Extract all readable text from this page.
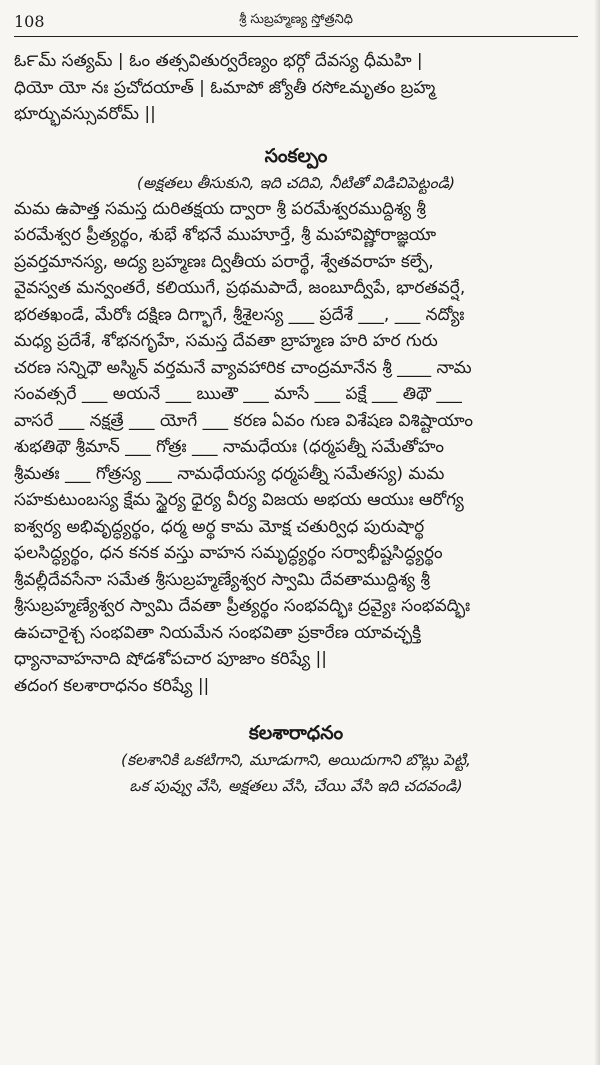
108	శ్రీ సుబ్రహ్మణ్య స్తోత్రనిధి
ఓ౯మ్ సత్యమ్ | ఓం తత్సవితుర్వరేణ్యం భర్గో దేవస్య ధీమహి |
ధియో యో నః ప్రచోదయాత్ | ఓమాపో జ్యోతీ రసోఽమృతం బ్రహ్మ
భూర్భువస్సువరోమ్ ||
సంకల్పం
(అక్షతలు తీసుకుని, ఇది చదివి, నీటితో విడిచిపెట్టండి)
మమ ఉపాత్త సమస్త దురితక్షయ ద్వారా శ్రీ పరమేశ్వరముద్దిశ్య శ్రీ
పరమేశ్వర ప్రీత్యర్థం, శుభే శోభనే ముహూర్తే, శ్రీ మహావిష్ణోరాజ్ఞయా
ప్రవర్తమానస్య, అద్య బ్రహ్మణః ద్వితీయ పరార్థే, శ్వేతవరాహ కల్పే,
వైవస్వత మన్వంతరే, కలియుగే, ప్రథమపాదే, జంబూద్వీపే, భారతవర్షే,
భరతఖండే, మేరోః దక్షిణ దిగ్భాగే, శ్రీశైలస్య ___ ప్రదేశే ___, ___ నద్యోః
మధ్య ప్రదేశే, శోభనగృహే, సమస్త దేవతా బ్రాహ్మణ హరి హర గురు
చరణ సన్నిధౌ అస్మిన్ వర్తమనే వ్యావహారిక చాంద్రమానేన శ్రీ ____ నామ
సంవత్సరే ___ అయనే ___ ఋతౌ ___ మాసే ___ పక్షే ___ తిథౌ ___
వాసరే ___ నక్షత్రే ___ యోగే ___ కరణ ఏవం గుణ విశేషణ విశిష్టాయాం
శుభతిథౌ శ్రీమాన్ ___ గోత్రః ___ నామధేయః (ధర్మపత్నీ సమేతోహం
శ్రీమతః ___ గోత్రస్య ___ నామధేయస్య ధర్మపత్నీ సమేతస్య) మమ
సహకుటుంబస్య క్షేమ స్థైర్య ధైర్య వీర్య విజయ అభయ ఆయుః ఆరోగ్య
ఐశ్వర్య అభివృద్ధ్యర్థం, ధర్మ అర్థ కామ మోక్ష చతుర్విధ పురుషార్థ
ఫలసిద్ధ్యర్థం, ధన కనక వస్తు వాహన సమృద్ధ్యర్థం సర్వాభీష్టసిద్ధ్యర్థం
శ్రీవల్లీదేవసేనా సమేత శ్రీసుబ్రహ్మణ్యేశ్వర స్వామి దేవతాముద్దిశ్య శ్రీ
శ్రీసుబ్రహ్మణ్యేశ్వర స్వామి దేవతా ప్రీత్యర్థం సంభవద్భిః ద్రవ్యైః సంభవద్భిః
ఉపచారైశ్చ సంభవితా నియమేన సంభవితా ప్రకారేణ యావచ్ఛక్తి
ధ్యానావాహనాది షోడశోపచార పూజాం కరిష్యే ||
తదంగ కలశారాధనం కరిష్యే ||
కలశారాధనం
(కలశానికి ఒకటిగాని, మూడుగాని, అయిదుగాని బొట్లు పెట్టి,
ఒక పువ్వు వేసి, అక్షతలు వేసి, చేయి వేసి ఇది చదవండి)
